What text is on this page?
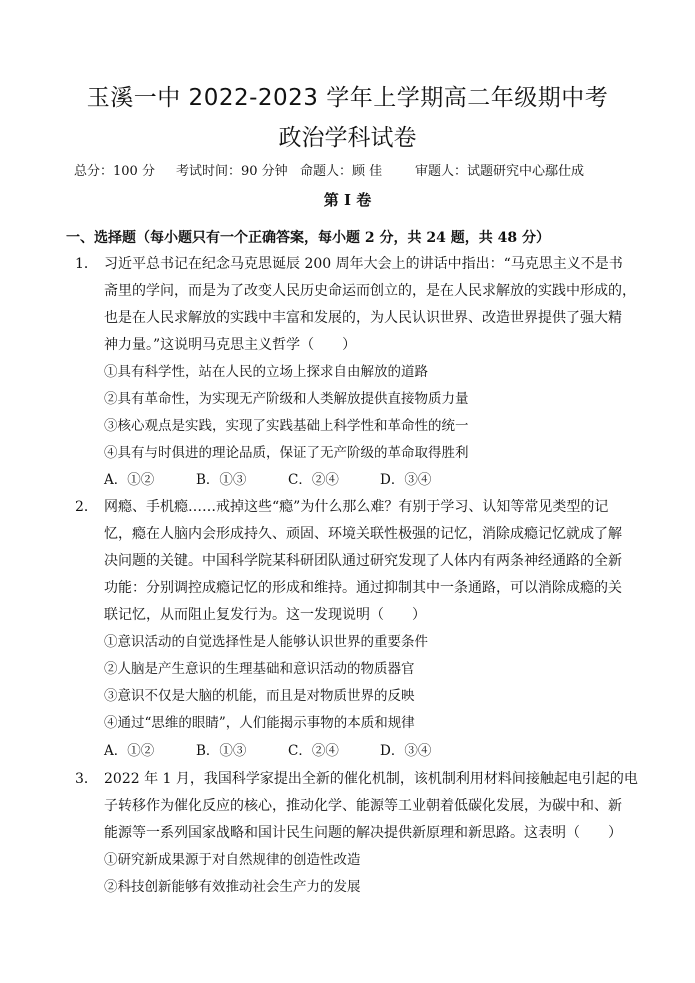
玉溪一中 2022-2023 学年上学期高二年级期中考
政治学科试卷
总分：100 分	考试时间：90 分钟 命题人：顾 佳	审题人：试题研究中心鄢仕成
第 I 卷
一、选择题（每小题只有一个正确答案，每小题 2 分，共 24 题，共 48 分）
1． 习近平总书记在纪念马克思诞辰 200 周年大会上的讲话中指出：“马克思主义不是书
斋里的学问，而是为了改变人民历史命运而创立的，是在人民求解放的实践中形成的，
也是在人民求解放的实践中丰富和发展的，为人民认识世界、改造世界提供了强大精
神力量。”这说明马克思主义哲学（　　）
①具有科学性，站在人民的立场上探求自由解放的道路
②具有革命性，为实现无产阶级和人类解放提供直接物质力量
③核心观点是实践，实现了实践基础上科学性和革命性的统一
④具有与时俱进的理论品质，保证了无产阶级的革命取得胜利
A．①②	B．①③	C．②④	D．③④
2． 网瘾、手机瘾……戒掉这些“瘾”为什么那么难？有别于学习、认知等常见类型的记
忆，瘾在人脑内会形成持久、顽固、环境关联性极强的记忆，消除成瘾记忆就成了解
决问题的关键。中国科学院某科研团队通过研究发现了人体内有两条神经通路的全新
功能：分别调控成瘾记忆的形成和维持。通过抑制其中一条通路，可以消除成瘾的关
联记忆，从而阻止复发行为。这一发现说明（　　）
①意识活动的自觉选择性是人能够认识世界的重要条件
②人脑是产生意识的生理基础和意识活动的物质器官
③意识不仅是大脑的机能，而且是对物质世界的反映
④通过“思维的眼睛”，人们能揭示事物的本质和规律
A．①②	B．①③	C．②④	D．③④
3． 2022 年 1 月，我国科学家提出全新的催化机制，该机制利用材料间接触起电引起的电
子转移作为催化反应的核心，推动化学、能源等工业朝着低碳化发展，为碳中和、新
能源等一系列国家战略和国计民生问题的解决提供新原理和新思路。这表明（　　）
①研究新成果源于对自然规律的创造性改造
②科技创新能够有效推动社会生产力的发展
